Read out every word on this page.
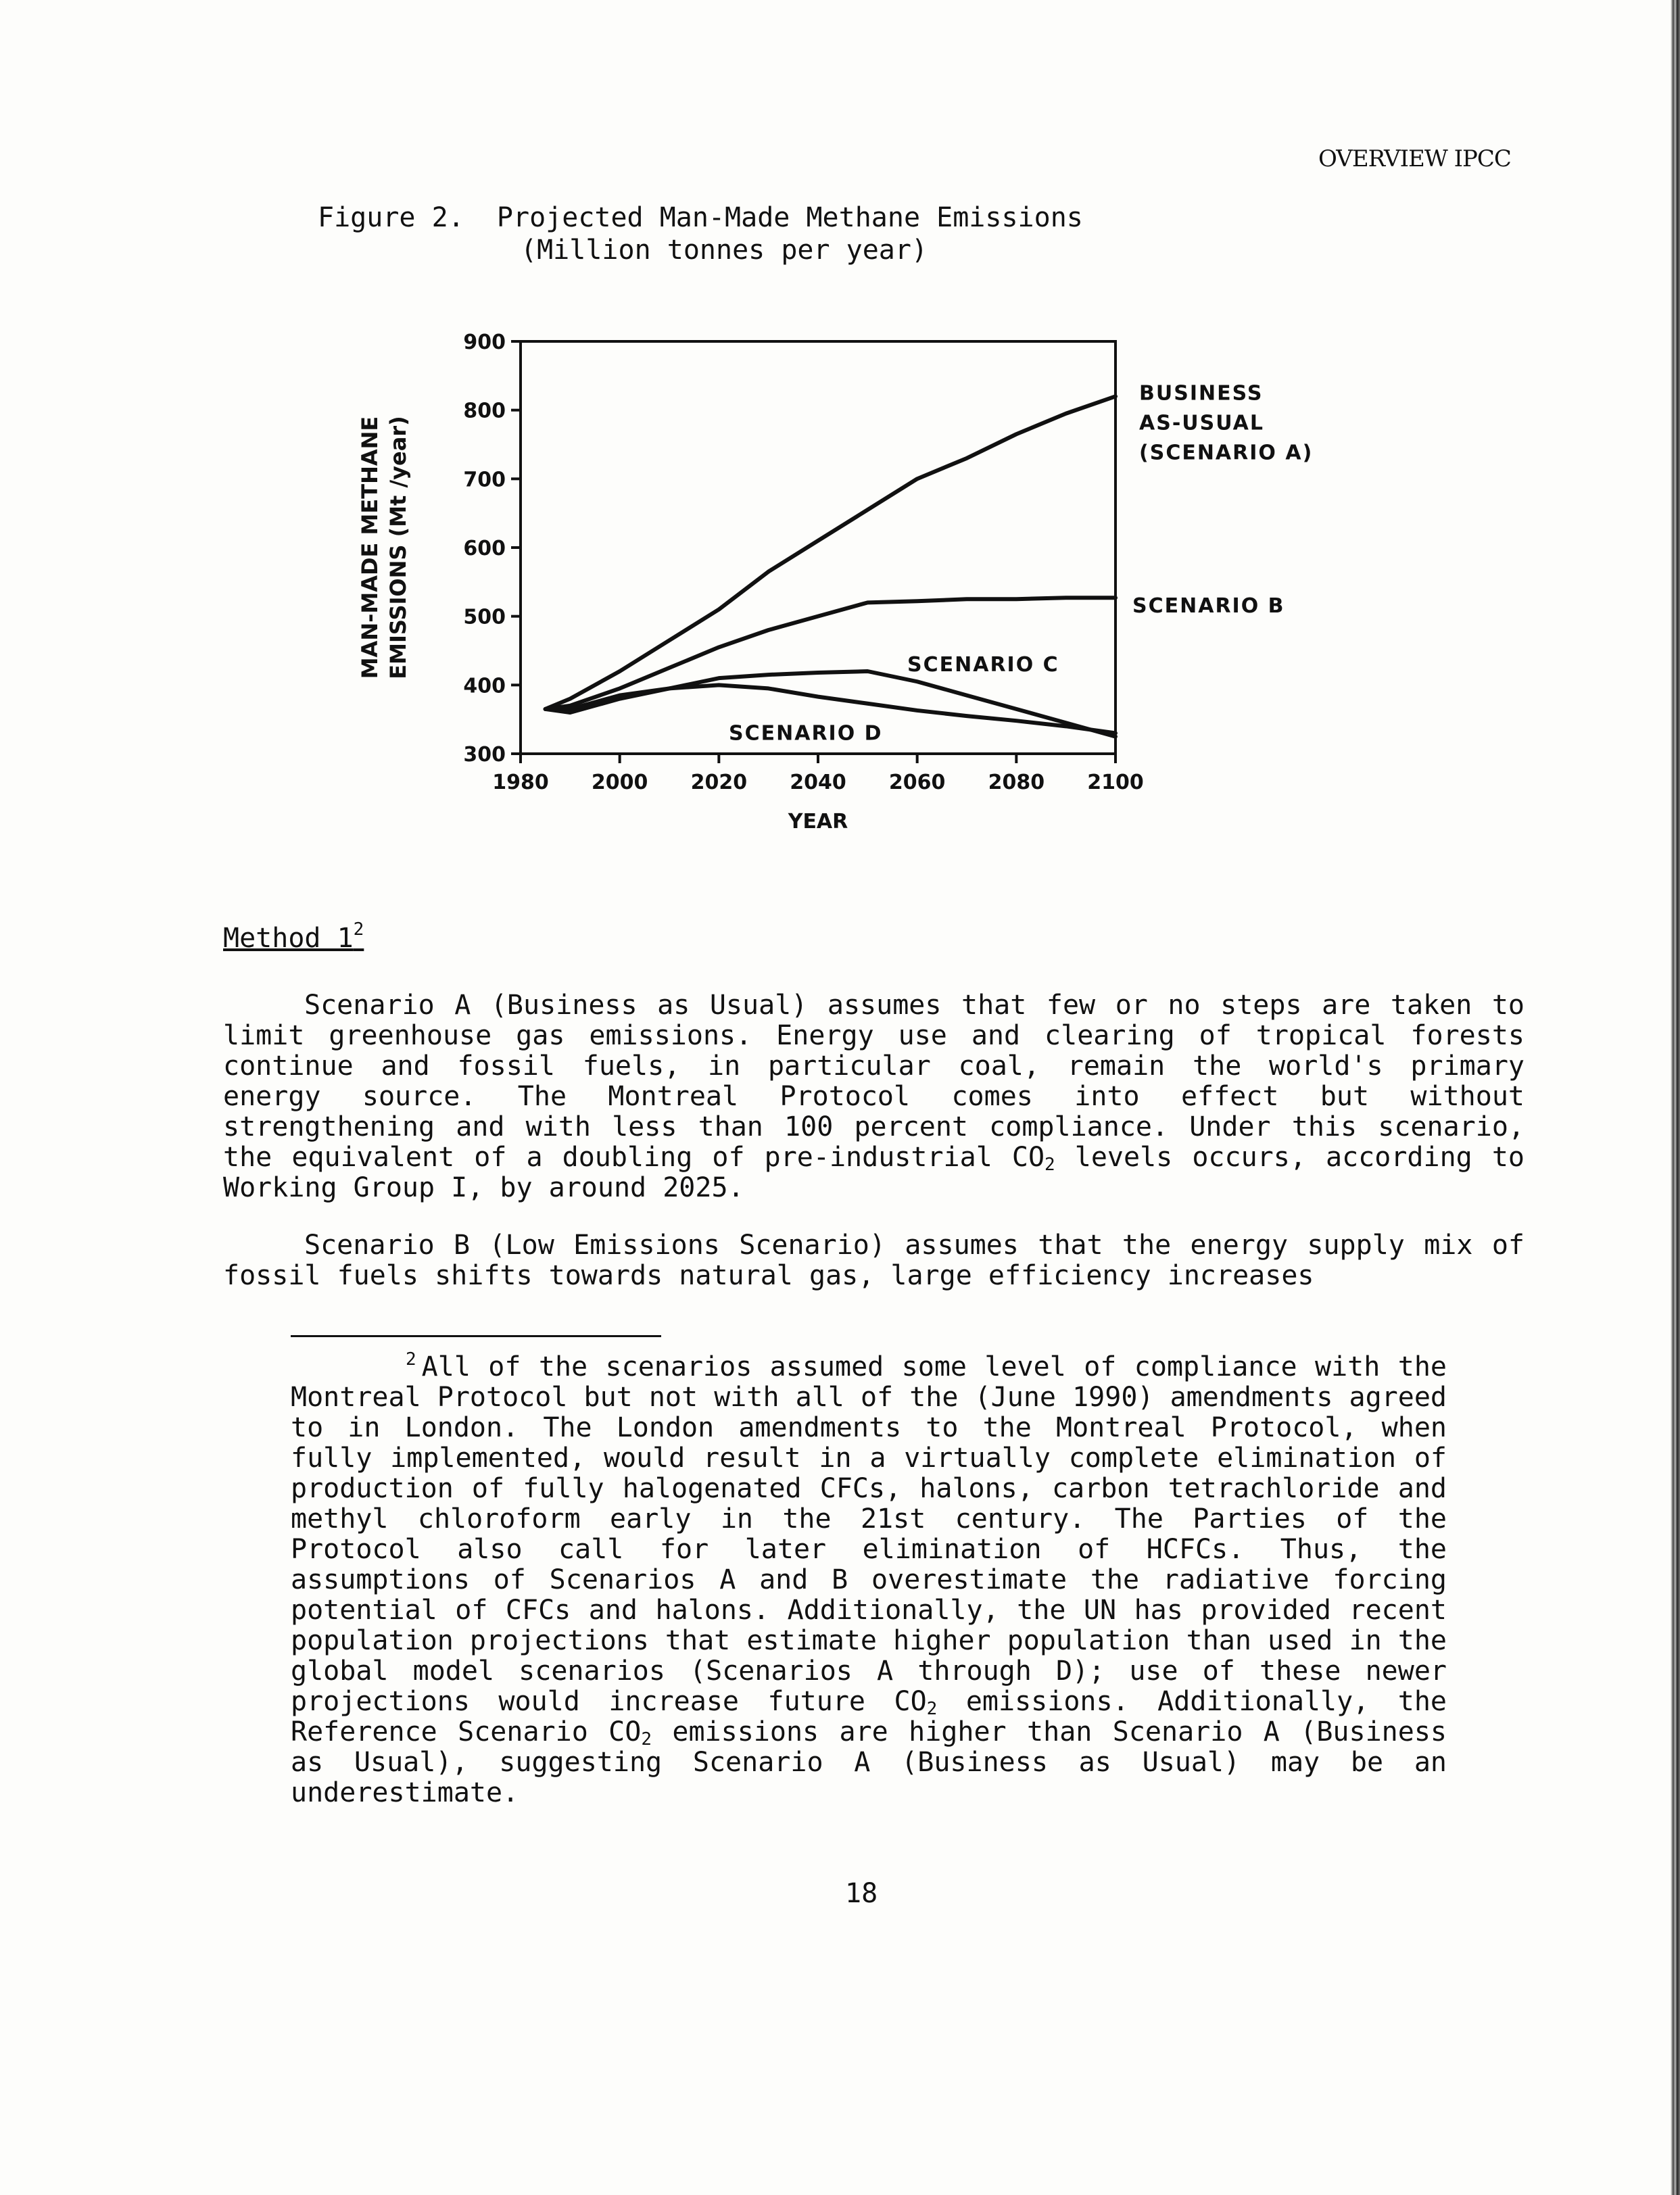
OVERVIEW IPCC
Figure 2.  Projected Man-Made Methane Emissions

(Million tonnes per year)
300
400
500
600
700
800
900
1980 2000 2020 2040 2060 2080 2100
YEAR
MAN-MADE METHANE EMISSIONS (Mt /year)
BUSINESS
AS-USUAL
(SCENARIO A)
SCENARIO B
SCENARIO C
SCENARIO D
Method $1^2$
Scenario A (Business as Usual) assumes that few or no steps are taken to limit greenhouse gas emissions. Energy use and clearing of tropical forests continue and fossil fuels, in particular coal, remain the world's primary energy source. The Montreal Protocol comes into effect but without strengthening and with less than 100 percent compliance. Under this scenario, the equivalent of a doubling of pre-industrial $CO_2$ levels occurs, according to Working Group I, by around 2025.
Scenario B (Low Emissions Scenario) assumes that the energy supply mix of fossil fuels shifts towards natural gas, large efficiency increases
$^2$ All of the scenarios assumed some level of compliance with the Montreal Protocol but not with all of the (June 1990) amendments agreed to in London. The London amendments to the Montreal Protocol, when fully implemented, would result in a virtually complete elimination of production of fully halogenated CFCs, halons, carbon tetrachloride and methyl chloroform early in the 21st century. The Parties of the Protocol also call for later elimination of HCFCs. Thus, the assumptions of Scenarios A and B overestimate the radiative forcing potential of CFCs and halons. Additionally, the UN has provided recent population projections that estimate higher population than used in the global model scenarios (Scenarios A through D); use of these newer projections would increase future $CO_2$ emissions. Additionally, the Reference Scenario $CO_2$ emissions are higher than Scenario A (Business as Usual), suggesting Scenario A (Business as Usual) may be an underestimate.
18
